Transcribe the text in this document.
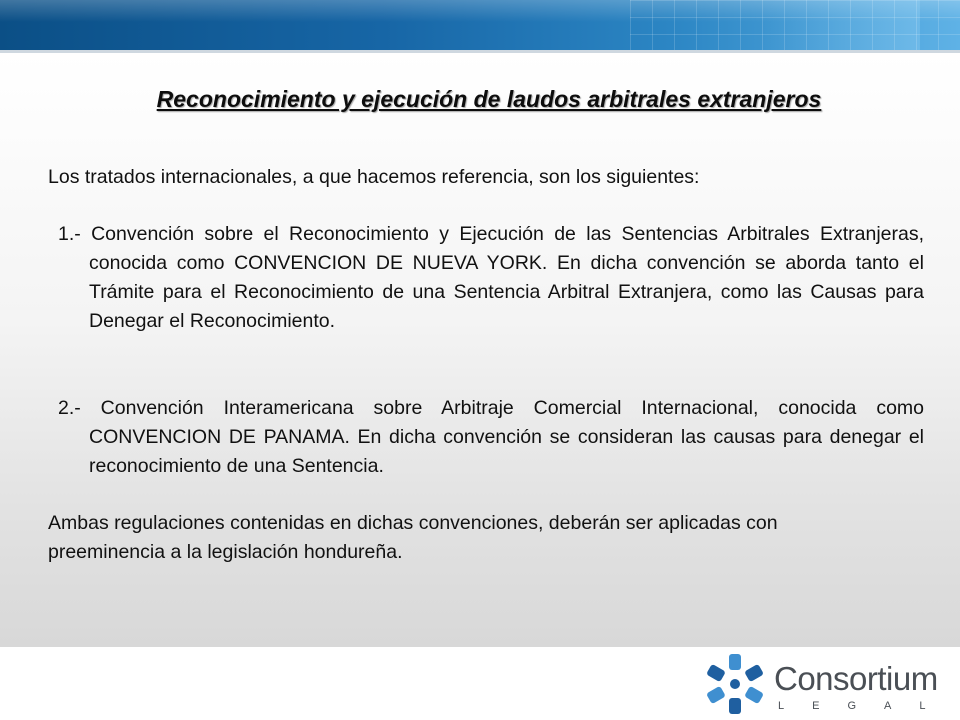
Reconocimiento y ejecución de laudos arbitrales extranjeros
Los tratados internacionales, a que hacemos referencia, son los siguientes:
1.- Convención sobre el Reconocimiento y Ejecución de las Sentencias Arbitrales Extranjeras, conocida como CONVENCION DE NUEVA YORK. En dicha convención se aborda tanto el Trámite para el Reconocimiento de una Sentencia Arbitral Extranjera, como las Causas para Denegar el Reconocimiento.
2.- Convención Interamericana sobre Arbitraje Comercial Internacional, conocida como CONVENCION DE PANAMA. En dicha convención se consideran las causas para denegar el reconocimiento de una Sentencia.
Ambas regulaciones contenidas en dichas convenciones, deberán ser aplicadas con preeminencia a la legislación hondureña.
Consortium
LEGAL
